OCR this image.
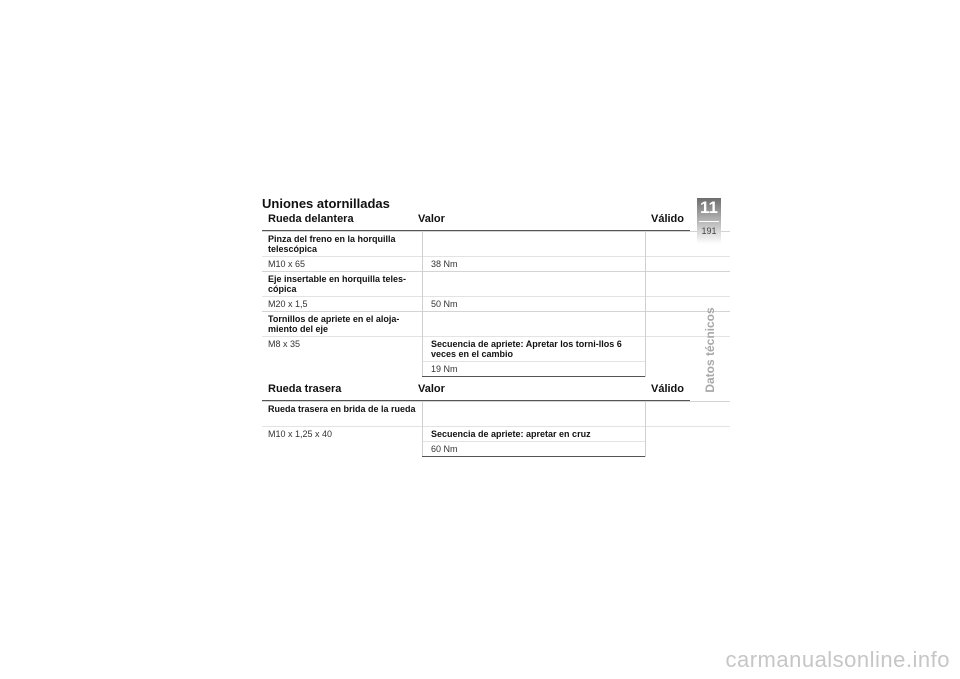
Uniones atornilladas
Rueda delantera	Valor	Válido
Pinza del freno en la horquilla telescópica		
M10 x 65	38 Nm	
Eje insertable en horquilla teles-cópica		
M20 x 1,5	50 Nm	
Tornillos de apriete en el aloja-miento del eje		
M8 x 35	Secuencia de apriete: Apretar los torni-llos 6 veces en el cambio	
	19 Nm	
Rueda trasera	Valor	Válido
Rueda trasera en brida de la rueda		
M10 x 1,25 x 40	Secuencia de apriete: apretar en cruz	
	60 Nm	
11
191
Datos técnicos
carmanualsonline.info
